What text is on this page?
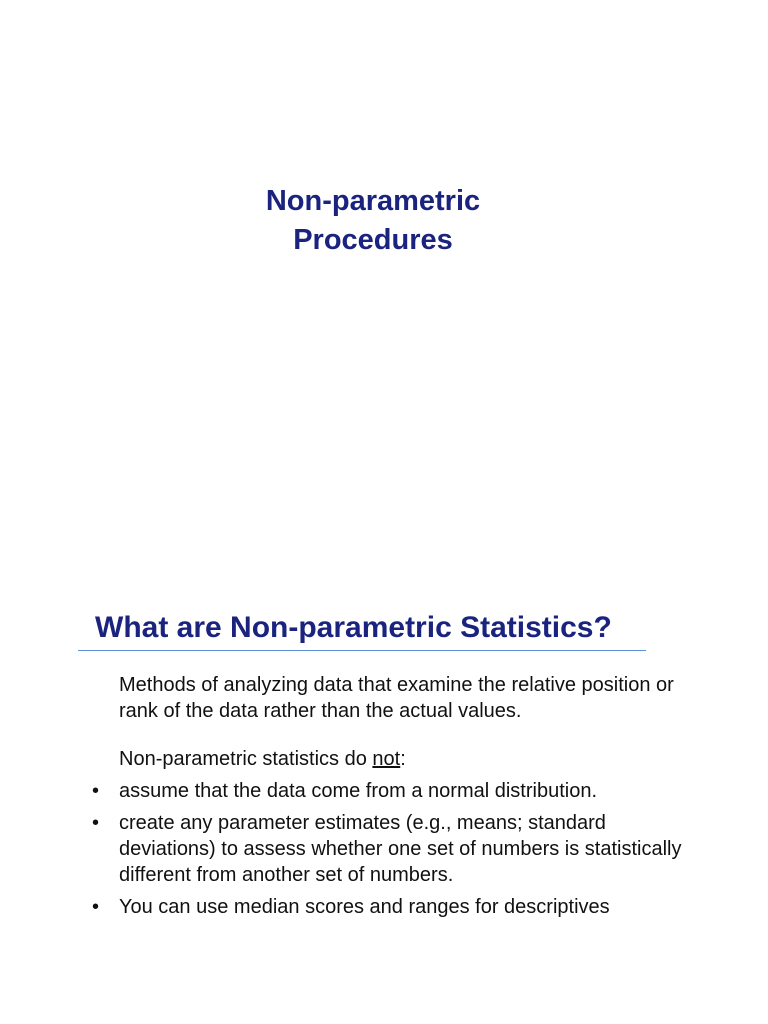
Non-parametric
Procedures
What are Non-parametric Statistics?
Methods of analyzing data that examine the relative position or rank of the data rather than the actual values.
Non-parametric statistics do not:
• assume that the data come from a normal distribution.
• create any parameter estimates (e.g., means; standard deviations) to assess whether one set of numbers is statistically different from another set of numbers.
• You can use median scores and ranges for descriptives
